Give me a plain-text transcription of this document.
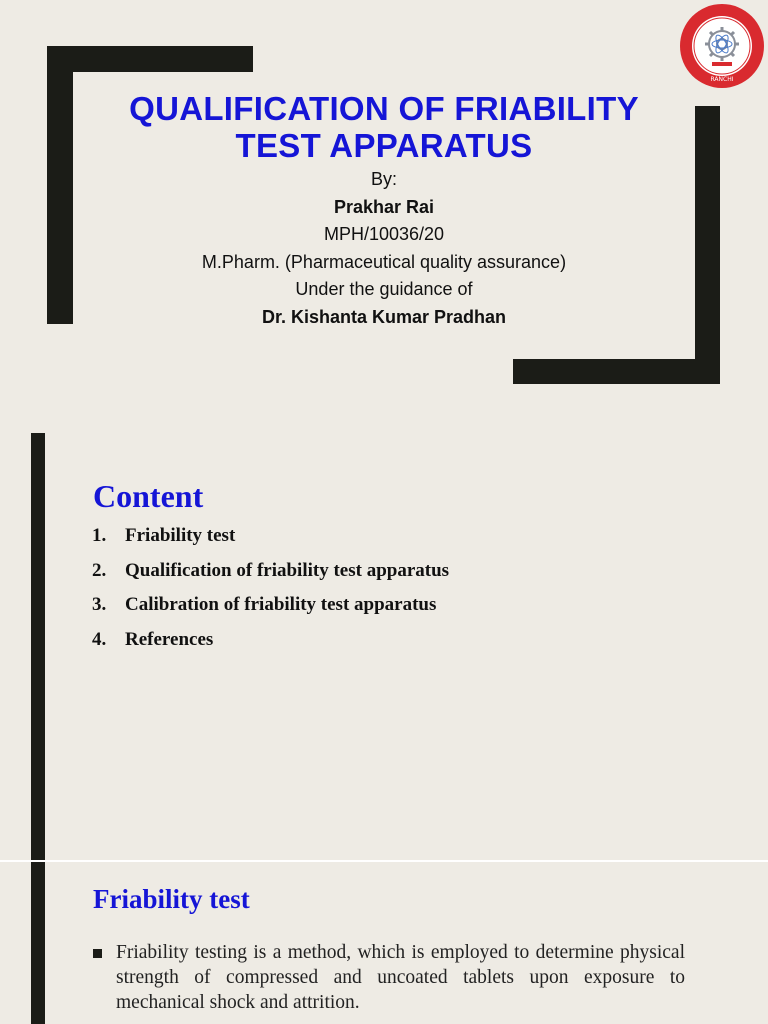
RANCHI
QUALIFICATION OF FRIABILITY
TEST APPARATUS
By:
Prakhar Rai
MPH/10036/20
M.Pharm. (Pharmaceutical quality assurance)
Under the guidance of
Dr. Kishanta Kumar Pradhan
Content
1. Friability test
2. Qualification of friability test apparatus
3. Calibration of friability test apparatus
4. References
Friability test
Friability testing is a method, which is employed to determine physical strength of compressed and uncoated tablets upon exposure to mechanical shock and attrition.
